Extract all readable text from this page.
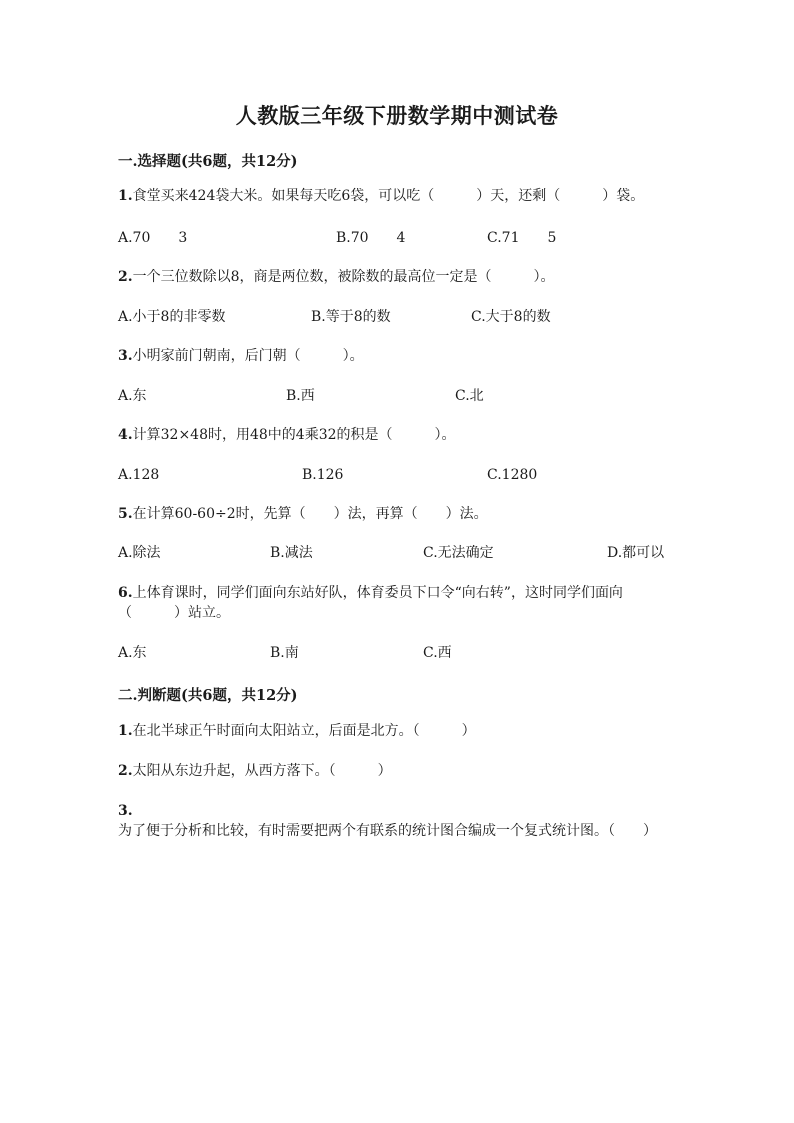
人教版三年级下册数学期中测试卷
一.选择题(共6题，共12分)

1.食堂买来424袋大米。如果每天吃6袋，可以吃（　　　）天，还剩（　　　）袋。

A.70　　3	B.70　　4	C.71　　5

2.一个三位数除以8，商是两位数，被除数的最高位一定是（　　　）。

A.小于8的非零数	B.等于8的数	C.大于8的数

3.小明家前门朝南，后门朝（　　　）。

A.东	B.西	C.北

4.计算32×48时，用48中的4乘32的积是（　　　）。

A.128	B.126	C.1280

5.在计算60-60÷2时，先算（　　）法，再算（　　）法。

A.除法	B.减法	C.无法确定	D.都可以

6.上体育课时，同学们面向东站好队，体育委员下口令“向右转”，这时同学们面向（　　　）站立。

A.东	B.南	C.西

二.判断题(共6题，共12分)

1.在北半球正午时面向太阳站立，后面是北方。（　　　）

2.太阳从东边升起，从西方落下。（　　　）

3.为了便于分析和比较，有时需要把两个有联系的统计图合编成一个复式统计图。（　　）
